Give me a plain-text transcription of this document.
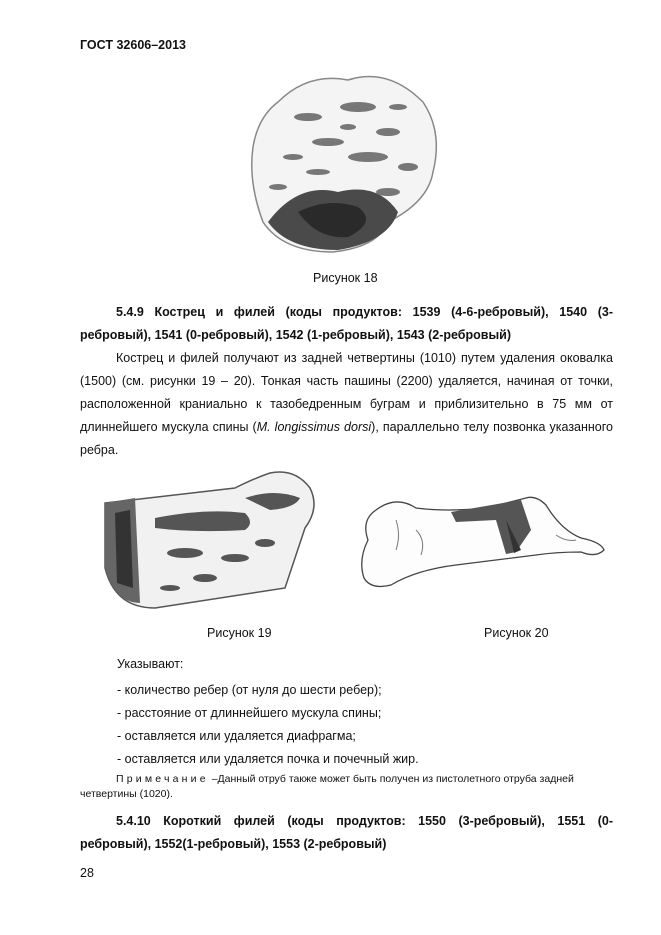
ГОСТ 32606–2013
Рисунок 18
5.4.9 Кострец и филей (коды продуктов: 1539 (4-6-ребровый), 1540 (3-
ребровый), 1541 (0-ребровый), 1542 (1-ребровый), 1543 (2-ребровый)
Кострец и филей получают из задней четвертины (1010) путем удаления оковалка (1500) (см. рисунки 19 – 20). Тонкая часть пашины (2200) удаляется, начиная от точки, расположенной краниально к тазобедренным буграм и приблизительно в 75 мм от длиннейшего мускула спины (M. longissimus dorsi), параллельно телу позвонка указанного ребра.
Рисунок 19	Рисунок 20
Указывают:
- количество ребер (от нуля до шести ребер);
- расстояние от длиннейшего мускула спины;
- оставляется или удаляется диафрагма;
- оставляется или удаляется почка и почечный жир.
Примечание –Данный отруб также может быть получен из пистолетного отруба задней четвертины (1020).
5.4.10 Короткий филей (коды продуктов: 1550 (3-ребровый), 1551 (0-
ребровый), 1552(1-ребровый), 1553 (2-ребровый)
28
